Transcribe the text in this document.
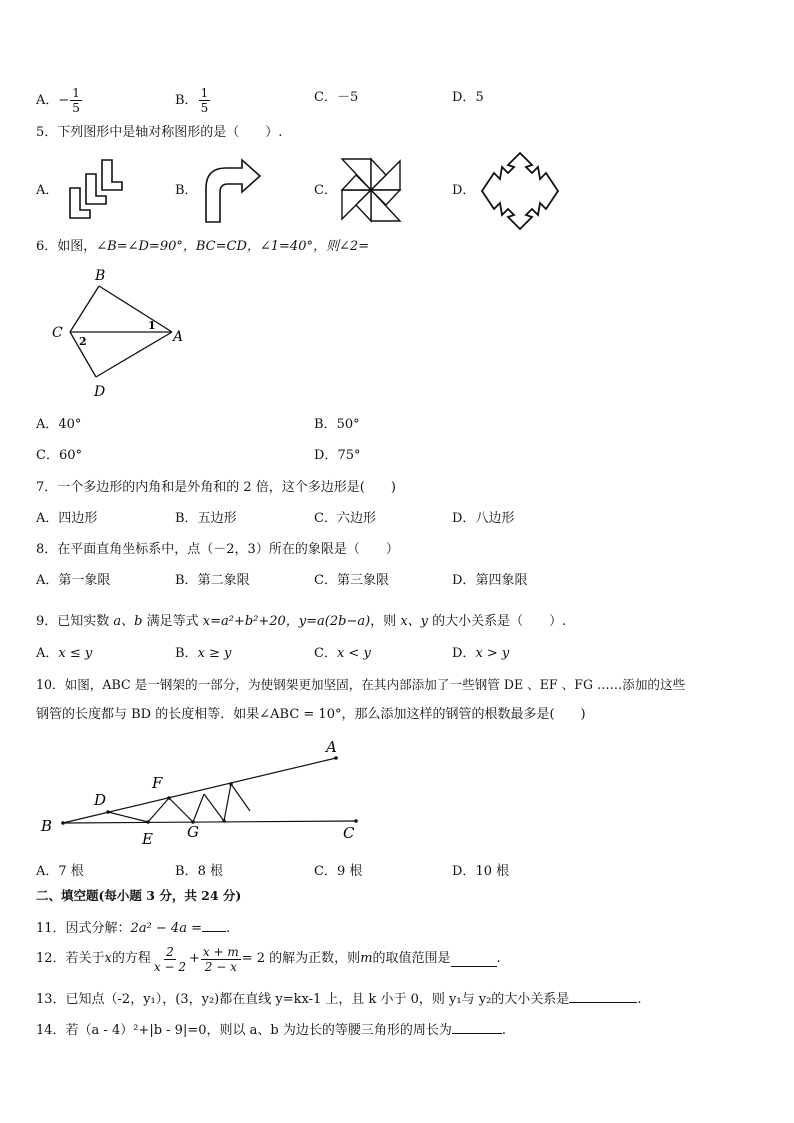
A．− $\frac{1}{5}$	B． $\frac{1}{5}$	C．－5	D．5
5．下列图形中是轴对称图形的是（　　）.
A．	B．	C．	D．
6．如图，∠B=∠D=90°，BC=CD，∠1=40°，则∠2=
B
C	A
D
1
2
A．40°	B．50°
C．60°	D．75°
7．一个多边形的内角和是外角和的 2 倍，这个多边形是(　　)
A．四边形	B．五边形	C．六边形	D．八边形
8．在平面直角坐标系中，点（－2，3）所在的象限是（　　）
A．第一象限	B．第二象限	C．第三象限	D．第四象限
9．已知实数 a、b 满足等式 x=a²+b²+20，y=a(2b−a)，则 x、y 的大小关系是（　　）.
A．x ≤ y	B．x ≥ y	C．x < y	D．x > y
10．如图，ABC 是一钢架的一部分，为使钢架更加坚固，在其内部添加了一些钢管 DE 、EF 、FG ……添加的这些
钢管的长度都与 BD 的长度相等．如果∠ABC = 10°，那么添加这样的钢管的根数最多是(　　)
A
B	C
D
E
F
G
A．7 根	B．8 根	C．9 根	D．10 根
二、填空题(每小题 3 分，共 24 分)
11．因式分解：2a² − 4a = .
12．若关于 x 的方程 $\frac{2}{x - 2} + \frac{x + m}{2 - x} = 2$ 的解为正数，则 m 的取值范围是	.
13．已知点（-2，y₁），(3，y₂)都在直线 y=kx-1 上，且 k 小于 0，则 y₁与 y₂的大小关系是	.
14．若（a - 4）²+|b - 9|=0，则以 a、b 为边长的等腰三角形的周长为	.
